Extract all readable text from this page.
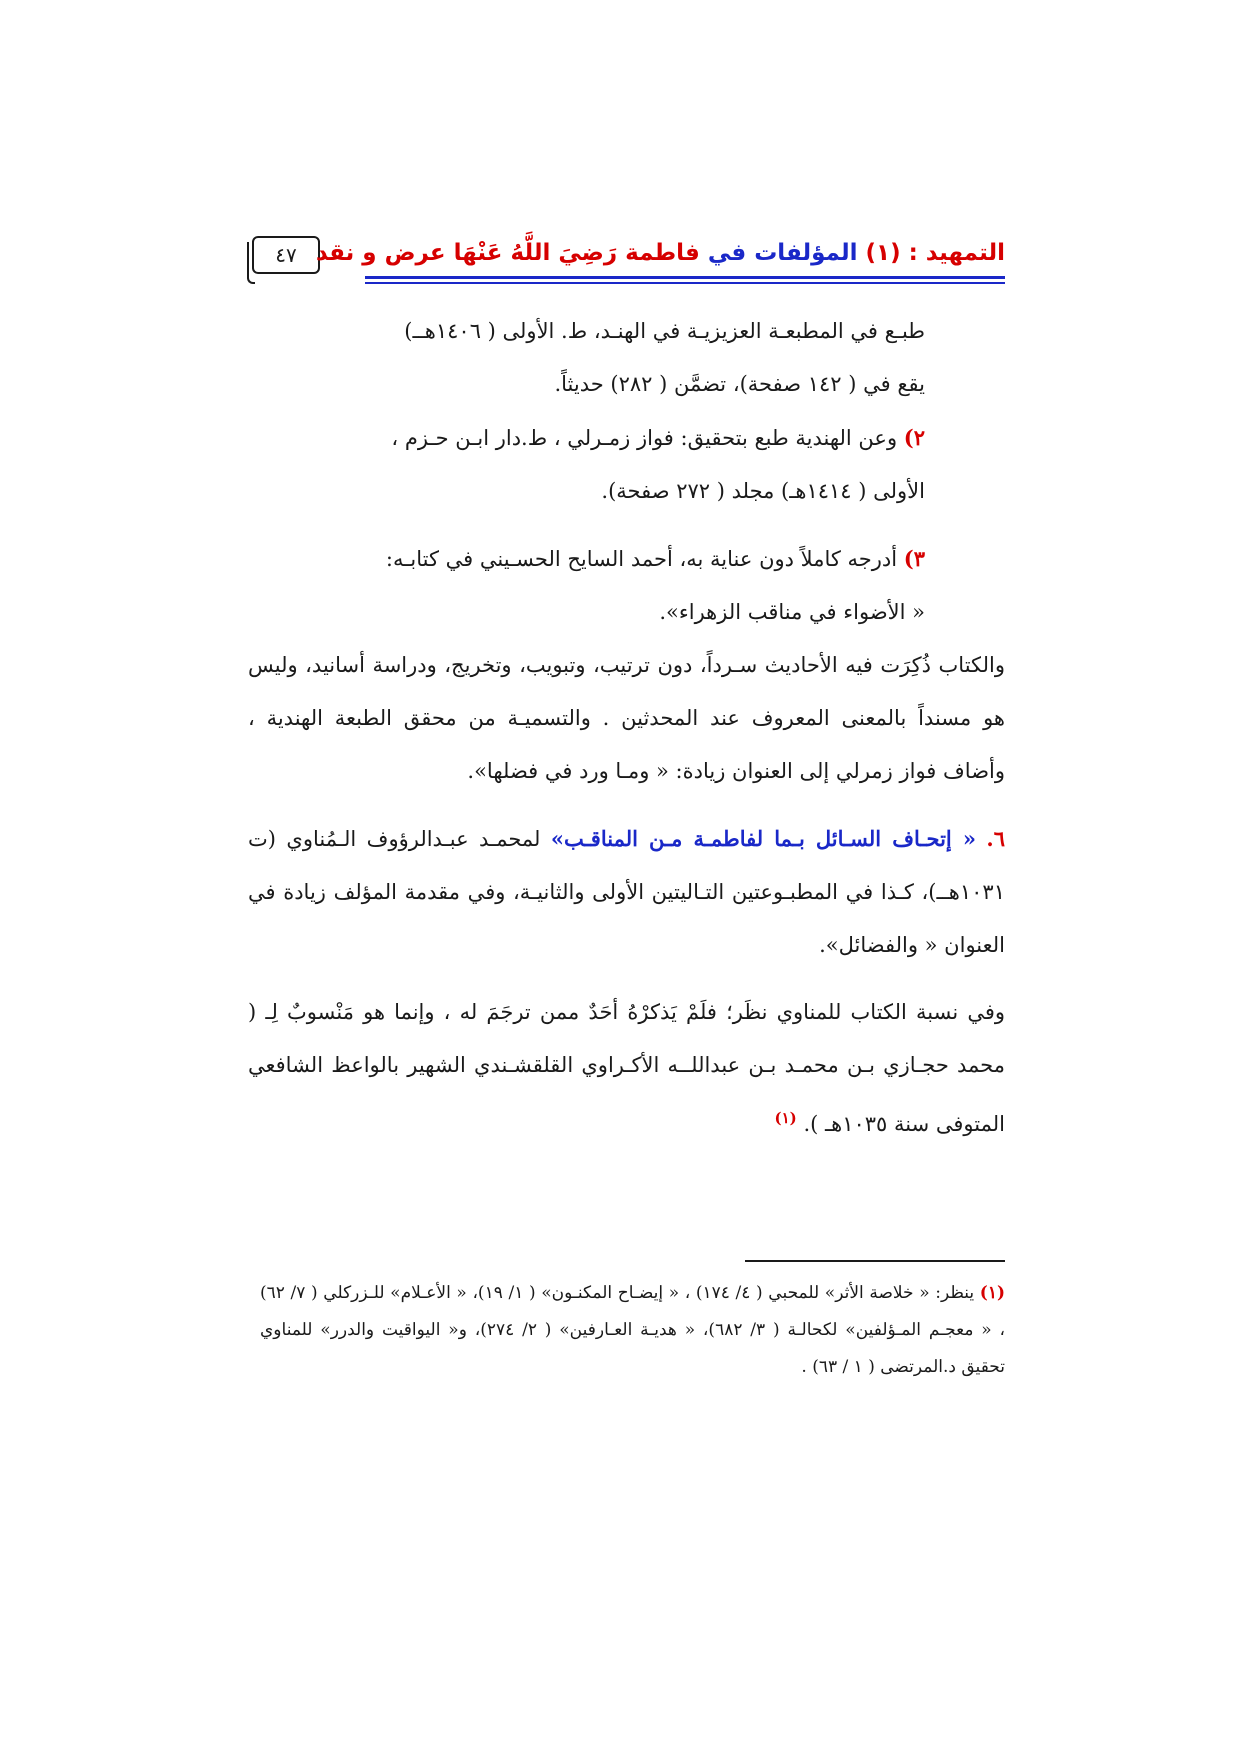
٤٧	التمهيد : (١) المؤلفات في فاطمة رَضِيَ اللَّهُ عَنْهَا عرض و نقد

طبـع في المطبعـة العزيزيـة في الهنـد، ط. الأولى ( ١٤٠٦هــ)

يقع في ( ١٤٢ صفحة)، تضمَّن ( ٢٨٢) حديثاً.

٢) وعن الهندية طبع بتحقيق: فواز زمـرلي ، ط.دار ابـن حـزم ،

الأولى ( ١٤١٤هـ) مجلد ( ٢٧٢ صفحة).

٣) أدرجه كاملاً دون عناية به، أحمد السايح الحسـيني في كتابـه:

« الأضواء في مناقب الزهراء».

والكتاب ذُكِرَت فيه الأحاديث سـرداً، دون ترتيب، وتبويب، وتخريج، ودراسة أسانيد، وليس هو مسنداً بالمعنى المعروف عند المحدثين . والتسميـة من محقق الطبعة الهندية ، وأضاف فواز زمرلي إلى العنوان زيادة: « ومـا ورد في فضلها».

٦. « إتحـاف السـائل بـما لفاطمـة مـن المناقـب» لمحمـد عبـدالرؤوف الـمُناوي (ت ١٠٣١هــ)، كـذا في المطبـوعتين التـاليتين الأولى والثانيـة، وفي مقدمة المؤلف زيادة في العنوان « والفضائل».

وفي نسبة الكتاب للمناوي نظَر؛ فلَمْ يَذكرْهُ أحَدٌ ممن ترجَمَ له ، وإنما هو مَنْسوبٌ لِـ ( محمد حجـازي بـن محمـد بـن عبداللــه الأكـراوي القلقشـندي الشهير بالواعظ الشافعي المتوفى سنة ١٠٣٥هـ ). $^{(١)}$

(١) ينظر: « خلاصة الأثر» للمحبي ( ٤/ ١٧٤) ، « إيضـاح المكنـون» ( ١/ ١٩)، « الأعـلام» للـزركلي ( ٧/ ٦٢) ، « معجـم المـؤلفين» لكحالـة ( ٣/ ٦٨٢)، « هديـة العـارفين» ( ٢/ ٢٧٤)، و« اليواقيت والدرر» للمناوي تحقيق د.المرتضى ( ١ / ٦٣) .
